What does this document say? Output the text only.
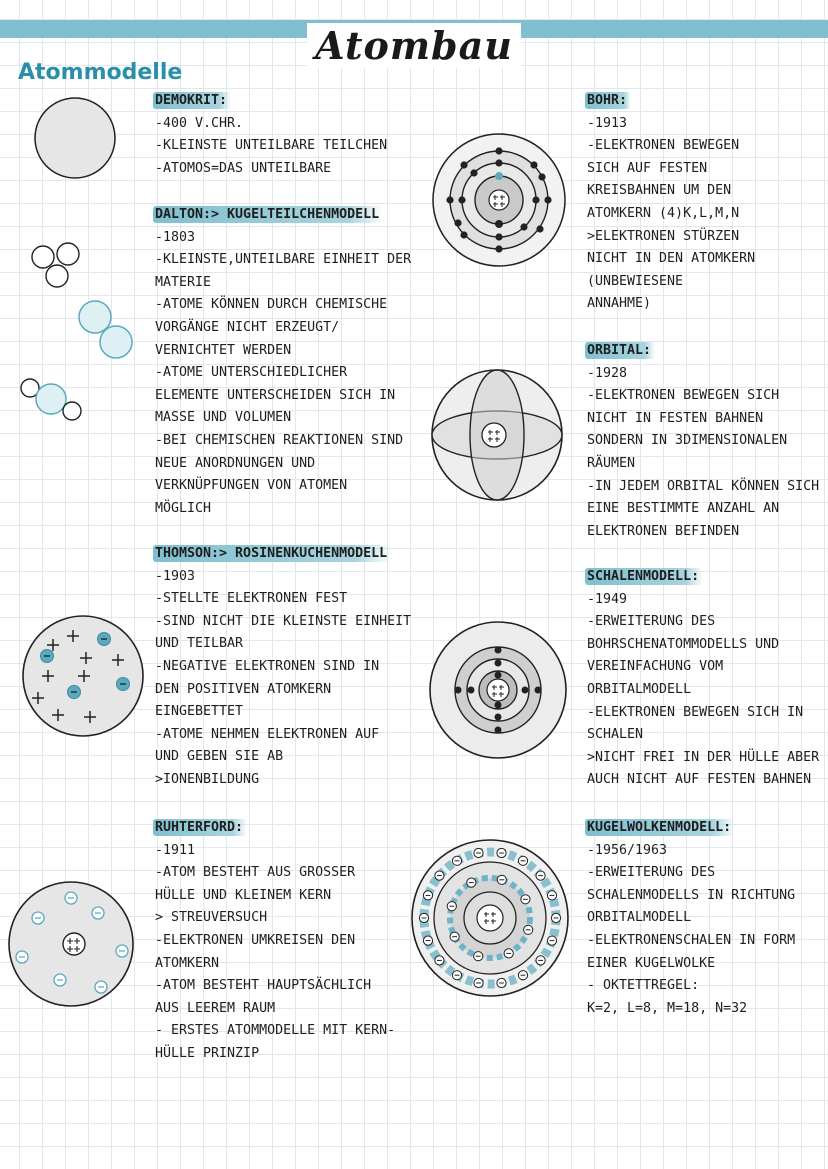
Atombau
Atommodelle
DEMOKRIT:
-400 V.CHR.
-KLEINSTE UNTEILBARE TEILCHEN
-ATOMOS=DAS UNTEILBARE
DALTON:> KUGELTEILCHENMODELL
-1803
-KLEINSTE,UNTEILBARE EINHEIT DER
MATERIE
-ATOME KÖNNEN DURCH CHEMISCHE
VORGÄNGE NICHT ERZEUGT/
VERNICHTET WERDEN
-ATOME UNTERSCHIEDLICHER
ELEMENTE UNTERSCHEIDEN SICH IN
MASSE UND VOLUMEN
-BEI CHEMISCHEN REAKTIONEN SIND
NEUE ANORDNUNGEN UND
VERKNÜPFUNGEN VON ATOMEN
MÖGLICH
THOMSON:> ROSINENKUCHENMODELL
-1903
-STELLTE ELEKTRONEN FEST
-SIND NICHT DIE KLEINSTE EINHEIT
UND TEILBAR
-NEGATIVE ELEKTRONEN SIND IN
DEN POSITIVEN ATOMKERN
EINGEBETTET
-ATOME NEHMEN ELEKTRONEN AUF
UND GEBEN SIE AB
>IONENBILDUNG
RUHTERFORD:
-1911
-ATOM BESTEHT AUS GROSSER
HÜLLE UND KLEINEM KERN
> STREUVERSUCH
-ELEKTRONEN UMKREISEN DEN
ATOMKERN
-ATOM BESTEHT HAUPTSÄCHLICH
AUS LEEREM RAUM
- ERSTES ATOMMODELLE MIT KERN-
HÜLLE PRINZIP
BOHR:
-1913
-ELEKTRONEN BEWEGEN
SICH AUF FESTEN
KREISBAHNEN UM DEN
ATOMKERN (4)K,L,M,N
>ELEKTRONEN STÜRZEN
NICHT IN DEN ATOMKERN
(UNBEWIESENE
ANNAHME)
ORBITAL:
-1928
-ELEKTRONEN BEWEGEN SICH
NICHT IN FESTEN BAHNEN
SONDERN IN 3DIMENSIONALEN
RÄUMEN
-IN JEDEM ORBITAL KÖNNEN SICH
EINE BESTIMMTE ANZAHL AN
ELEKTRONEN BEFINDEN
SCHALENMODELL:
-1949
-ERWEITERUNG DES
BOHRSCHENATOMMODELLS UND
VEREINFACHUNG VOM
ORBITALMODELL
-ELEKTRONEN BEWEGEN SICH IN
SCHALEN
>NICHT FREI IN DER HÜLLE ABER
AUCH NICHT AUF FESTEN BAHNEN
KUGELWOLKENMODELL:
-1956/1963
-ERWEITERUNG DES
SCHALENMODELLS IN RICHTUNG
ORBITALMODELL
-ELEKTRONENSCHALEN IN FORM
EINER KUGELWOLKE
- OKTETTREGEL:
K=2, L=8, M=18, N=32
